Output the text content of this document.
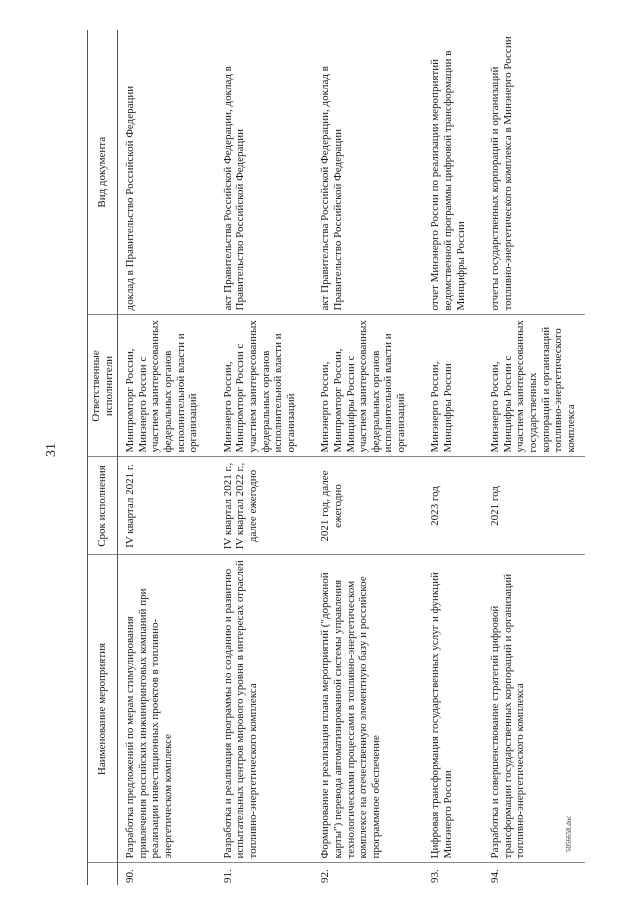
31
	Наименование мероприятия	Срок исполнения	Ответственные исполнители	Вид документа
90.	Разработка предложений по мерам стимулирования привлечения российских инжиниринговых компаний при реализации инвестиционных проектов в топливно-энергетическом комплексе	IV квартал 2021 г.	Минпромторг России, Минэнерго России с участием заинтересованных федеральных органов исполнительной власти и организаций	доклад в Правительство Российской Федерации
91.	Разработка и реализация программы по созданию и развитию испытательных центров мирового уровня в интересах отраслей топливно-энергетического комплекса	IV квартал 2021 г., IV квартал 2022 г., далее ежегодно	Минэнерго России, Минпромторг России с участием заинтересованных федеральных органов исполнительной власти и организаций	акт Правительства Российской Федерации, доклад в Правительство Российской Федерации
92.	Формирование и реализация плана мероприятий ("дорожной карты") перевода автоматизированной системы управления технологическими процессами в топливно-энергетическом комплексе на отечественную элементную базу и российское программное обеспечение	2021 год, далее ежегодно	Минэнерго России, Минпромторг России, Минцифры России с участием заинтересованных федеральных органов исполнительной власти и организаций	акт Правительства Российской Федерации, доклад в Правительство Российской Федерации
93.	Цифровая трансформация государственных услуг и функций Минэнерго России	2023 год	Минэнерго России, Минцифры России	отчет Минэнерго России по реализации мероприятий ведомственной программы цифровой трансформации в Минцифры России
94.	Разработка и совершенствование стратегий цифровой трансформации государственных корпораций и организаций топливно-энергетического комплекса	2021 год	Минэнерго России, Минцифры России с участием заинтересованных государственных корпораций и организаций топливно-энергетического комплекса	отчеты государственных корпораций и организаций топливно-энергетического комплекса в Минэнерго России
5056658.doc
